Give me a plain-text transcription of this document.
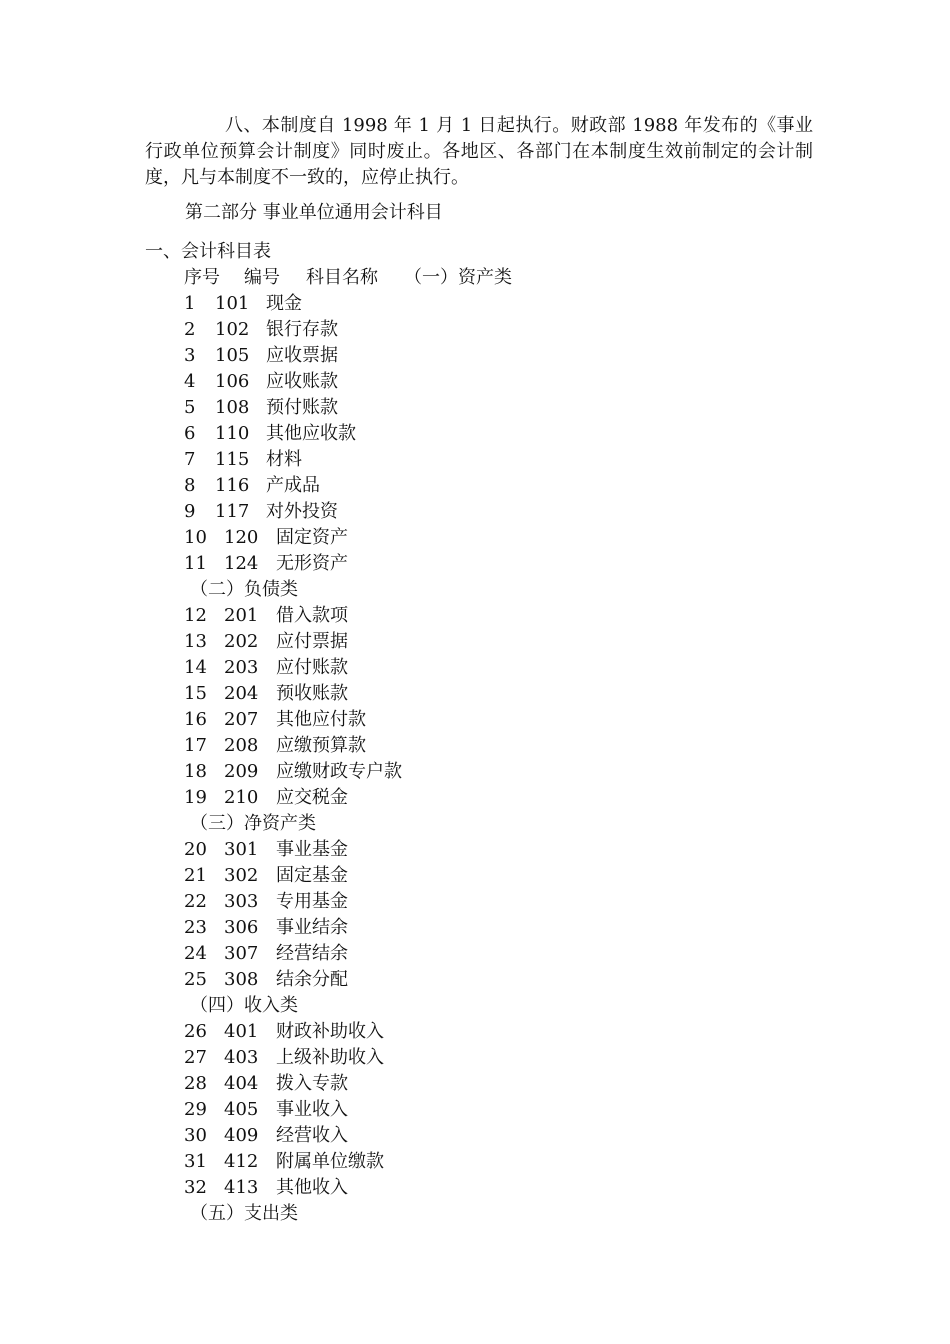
八、本制度自 1998 年 1 月 1 日起执行。财政部 1988 年发布的《事业行政单位预算会计制度》同时废止。各地区、各部门在本制度生效前制定的会计制度，凡与本制度不一致的，应停止执行。

第二部分 事业单位通用会计科目

一、会计科目表

序号 编号 科目名称 （一）资产类
1 101 现金
2 102 银行存款
3 105 应收票据
4 106 应收账款
5 108 预付账款
6 110 其他应收款
7 115 材料
8 116 产成品
9 117 对外投资
10 120 固定资产
11 124 无形资产
（二）负债类
12 201 借入款项
13 202 应付票据
14 203 应付账款
15 204 预收账款
16 207 其他应付款
17 208 应缴预算款
18 209 应缴财政专户款
19 210 应交税金
（三）净资产类
20 301 事业基金
21 302 固定基金
22 303 专用基金
23 306 事业结余
24 307 经营结余
25 308 结余分配
（四）收入类
26 401 财政补助收入
27 403 上级补助收入
28 404 拨入专款
29 405 事业收入
30 409 经营收入
31 412 附属单位缴款
32 413 其他收入
（五）支出类
